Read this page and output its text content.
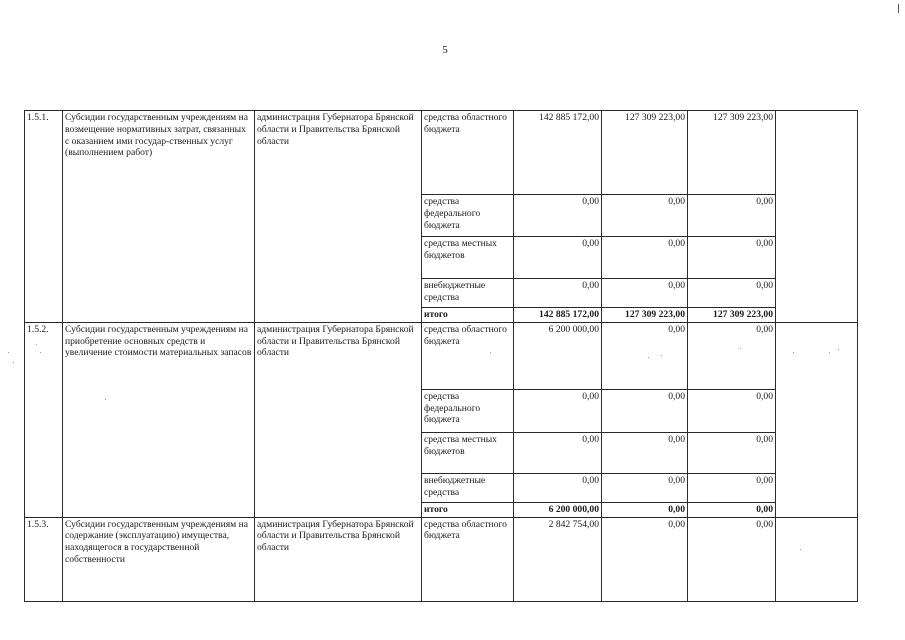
5
1.5.1.	Субсидии государственным учреждениям на возмещение нормативных затрат, связанных с оказанием ими государ-ственных услуг (выполнением работ)	администрация Губернатора Брянской области и Правительства Брянской области	средства областного бюджета	142 885 172,00	127 309 223,00	127 309 223,00	
			средства федерального бюджета	0,00	0,00	0,00	
			средства местных бюджетов	0,00	0,00	0,00	
			внебюджетные средства	0,00	0,00	0,00	
			итого	142 885 172,00	127 309 223,00	127 309 223,00	
1.5.2.	Субсидии государственным учреждениям на приобретение основных средств и увеличение стоимости материальных запасов	администрация Губернатора Брянской области и Правительства Брянской области	средства областного бюджета	6 200 000,00	0,00	0,00	
			средства федерального бюджета	0,00	0,00	0,00	
			средства местных бюджетов	0,00	0,00	0,00	
			внебюджетные средства	0,00	0,00	0,00	
			итого	6 200 000,00	0,00	0,00	
1.5.3.	Субсидии государственным учреждениям на содержание (эксплуатацию) имущества, находящегося в государственной собственности	администрация Губернатора Брянской области и Правительства Брянской области	средства областного бюджета	2 842 754,00	0,00	0,00	
